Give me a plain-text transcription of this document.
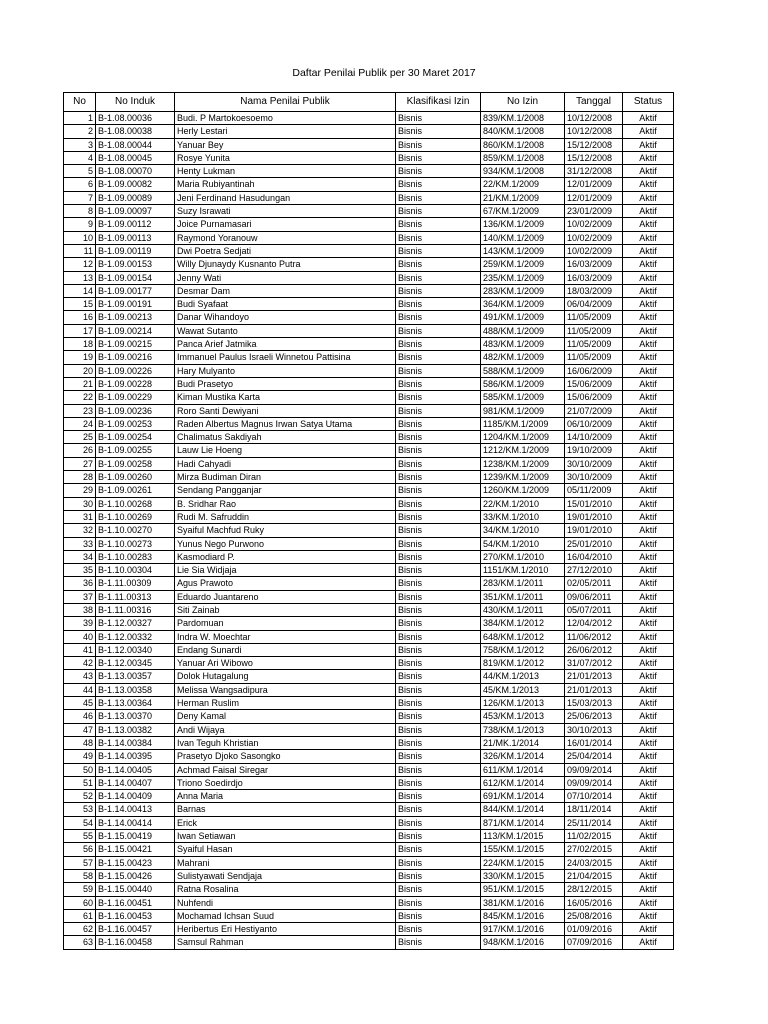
Daftar Penilai Publik per 30 Maret 2017
No	No Induk	Nama Penilai Publik	Klasifikasi Izin	No Izin	Tanggal	Status
1	B-1.08.00036	Budi. P Martokoesoemo	Bisnis	839/KM.1/2008	10/12/2008	Aktif
2	B-1.08.00038	Herly Lestari	Bisnis	840/KM.1/2008	10/12/2008	Aktif
3	B-1.08.00044	Yanuar Bey	Bisnis	860/KM.1/2008	15/12/2008	Aktif
4	B-1.08.00045	Rosye Yunita	Bisnis	859/KM.1/2008	15/12/2008	Aktif
5	B-1.08.00070	Henty Lukman	Bisnis	934/KM.1/2008	31/12/2008	Aktif
6	B-1.09.00082	Maria Rubiyantinah	Bisnis	22/KM.1/2009	12/01/2009	Aktif
7	B-1.09.00089	Jeni Ferdinand Hasudungan	Bisnis	21/KM.1/2009	12/01/2009	Aktif
8	B-1.09.00097	Suzy Israwati	Bisnis	67/KM.1/2009	23/01/2009	Aktif
9	B-1.09.00112	Joice Purnamasari	Bisnis	136/KM.1/2009	10/02/2009	Aktif
10	B-1.09.00113	Raymond Yoranouw	Bisnis	140/KM.1/2009	10/02/2009	Aktif
11	B-1.09.00119	Dwi Poetra Sedjati	Bisnis	143/KM.1/2009	10/02/2009	Aktif
12	B-1.09.00153	Willy Djunaydy Kusnanto Putra	Bisnis	259/KM.1/2009	16/03/2009	Aktif
13	B-1.09.00154	Jenny Wati	Bisnis	235/KM.1/2009	16/03/2009	Aktif
14	B-1.09.00177	Desmar Dam	Bisnis	283/KM.1/2009	18/03/2009	Aktif
15	B-1.09.00191	Budi Syafaat	Bisnis	364/KM.1/2009	06/04/2009	Aktif
16	B-1.09.00213	Danar Wihandoyo	Bisnis	491/KM.1/2009	11/05/2009	Aktif
17	B-1.09.00214	Wawat Sutanto	Bisnis	488/KM.1/2009	11/05/2009	Aktif
18	B-1.09.00215	Panca Arief Jatmika	Bisnis	483/KM.1/2009	11/05/2009	Aktif
19	B-1.09.00216	Immanuel Paulus Israeli Winnetou Pattisina	Bisnis	482/KM.1/2009	11/05/2009	Aktif
20	B-1.09.00226	Hary Mulyanto	Bisnis	588/KM.1/2009	16/06/2009	Aktif
21	B-1.09.00228	Budi Prasetyo	Bisnis	586/KM.1/2009	15/06/2009	Aktif
22	B-1.09.00229	Kiman Mustika Karta	Bisnis	585/KM.1/2009	15/06/2009	Aktif
23	B-1.09.00236	Roro Santi Dewiyani	Bisnis	981/KM.1/2009	21/07/2009	Aktif
24	B-1.09.00253	Raden Albertus Magnus Irwan Satya Utama	Bisnis	1185/KM.1/2009	06/10/2009	Aktif
25	B-1.09.00254	Chalimatus Sakdiyah	Bisnis	1204/KM.1/2009	14/10/2009	Aktif
26	B-1.09.00255	Lauw Lie Hoeng	Bisnis	1212/KM.1/2009	19/10/2009	Aktif
27	B-1.09.00258	Hadi Cahyadi	Bisnis	1238/KM.1/2009	30/10/2009	Aktif
28	B-1.09.00260	Mirza Budiman Diran	Bisnis	1239/KM.1/2009	30/10/2009	Aktif
29	B-1.09.00261	Sendang Pangganjar	Bisnis	1260/KM.1/2009	05/11/2009	Aktif
30	B-1.10.00268	B. Sridhar Rao	Bisnis	22/KM.1/2010	15/01/2010	Aktif
31	B-1.10.00269	Rudi M. Safruddin	Bisnis	33/KM.1/2010	19/01/2010	Aktif
32	B-1.10.00270	Syaiful Machfud Ruky	Bisnis	34/KM.1/2010	19/01/2010	Aktif
33	B-1.10.00273	Yunus Nego Purwono	Bisnis	54/KM.1/2010	25/01/2010	Aktif
34	B-1.10.00283	Kasmodiard P.	Bisnis	270/KM.1/2010	16/04/2010	Aktif
35	B-1.10.00304	Lie Sia Widjaja	Bisnis	1151/KM.1/2010	27/12/2010	Aktif
36	B-1.11.00309	Agus Prawoto	Bisnis	283/KM.1/2011	02/05/2011	Aktif
37	B-1.11.00313	Eduardo Juantareno	Bisnis	351/KM.1/2011	09/06/2011	Aktif
38	B-1.11.00316	Siti Zainab	Bisnis	430/KM.1/2011	05/07/2011	Aktif
39	B-1.12.00327	Pardomuan	Bisnis	384/KM.1/2012	12/04/2012	Aktif
40	B-1.12.00332	Indra W. Moechtar	Bisnis	648/KM.1/2012	11/06/2012	Aktif
41	B-1.12.00340	Endang Sunardi	Bisnis	758/KM.1/2012	26/06/2012	Aktif
42	B-1.12.00345	Yanuar Ari Wibowo	Bisnis	819/KM.1/2012	31/07/2012	Aktif
43	B-1.13.00357	Dolok Hutagalung	Bisnis	44/KM.1/2013	21/01/2013	Aktif
44	B-1.13.00358	Melissa Wangsadipura	Bisnis	45/KM.1/2013	21/01/2013	Aktif
45	B-1.13.00364	Herman Ruslim	Bisnis	126/KM.1/2013	15/03/2013	Aktif
46	B-1.13.00370	Deny Kamal	Bisnis	453/KM.1/2013	25/06/2013	Aktif
47	B-1.13.00382	Andi Wijaya	Bisnis	738/KM.1/2013	30/10/2013	Aktif
48	B-1.14.00384	Ivan Teguh Khristian	Bisnis	21/MK.1/2014	16/01/2014	Aktif
49	B-1.14.00395	Prasetyo Djoko Sasongko	Bisnis	326/KM.1/2014	25/04/2014	Aktif
50	B-1.14.00405	Achmad Faisal Siregar	Bisnis	611/KM.1/2014	09/09/2014	Aktif
51	B-1.14.00407	Triono Soedirdjo	Bisnis	612/KM.1/2014	09/09/2014	Aktif
52	B-1.14.00409	Anna Maria	Bisnis	691/KM.1/2014	07/10/2014	Aktif
53	B-1.14.00413	Barnas	Bisnis	844/KM.1/2014	18/11/2014	Aktif
54	B-1.14.00414	Erick	Bisnis	871/KM.1/2014	25/11/2014	Aktif
55	B-1.15.00419	Iwan Setiawan	Bisnis	113/KM.1/2015	11/02/2015	Aktif
56	B-1.15.00421	Syaiful Hasan	Bisnis	155/KM.1/2015	27/02/2015	Aktif
57	B-1.15.00423	Mahrani	Bisnis	224/KM.1/2015	24/03/2015	Aktif
58	B-1.15.00426	Sulistyawati Sendjaja	Bisnis	330/KM.1/2015	21/04/2015	Aktif
59	B-1.15.00440	Ratna Rosalina	Bisnis	951/KM.1/2015	28/12/2015	Aktif
60	B-1.16.00451	Nuhfendi	Bisnis	381/KM.1/2016	16/05/2016	Aktif
61	B-1.16.00453	Mochamad Ichsan Suud	Bisnis	845/KM.1/2016	25/08/2016	Aktif
62	B-1.16.00457	Heribertus Eri Hestiyanto	Bisnis	917/KM.1/2016	01/09/2016	Aktif
63	B-1.16.00458	Samsul Rahman	Bisnis	948/KM.1/2016	07/09/2016	Aktif
